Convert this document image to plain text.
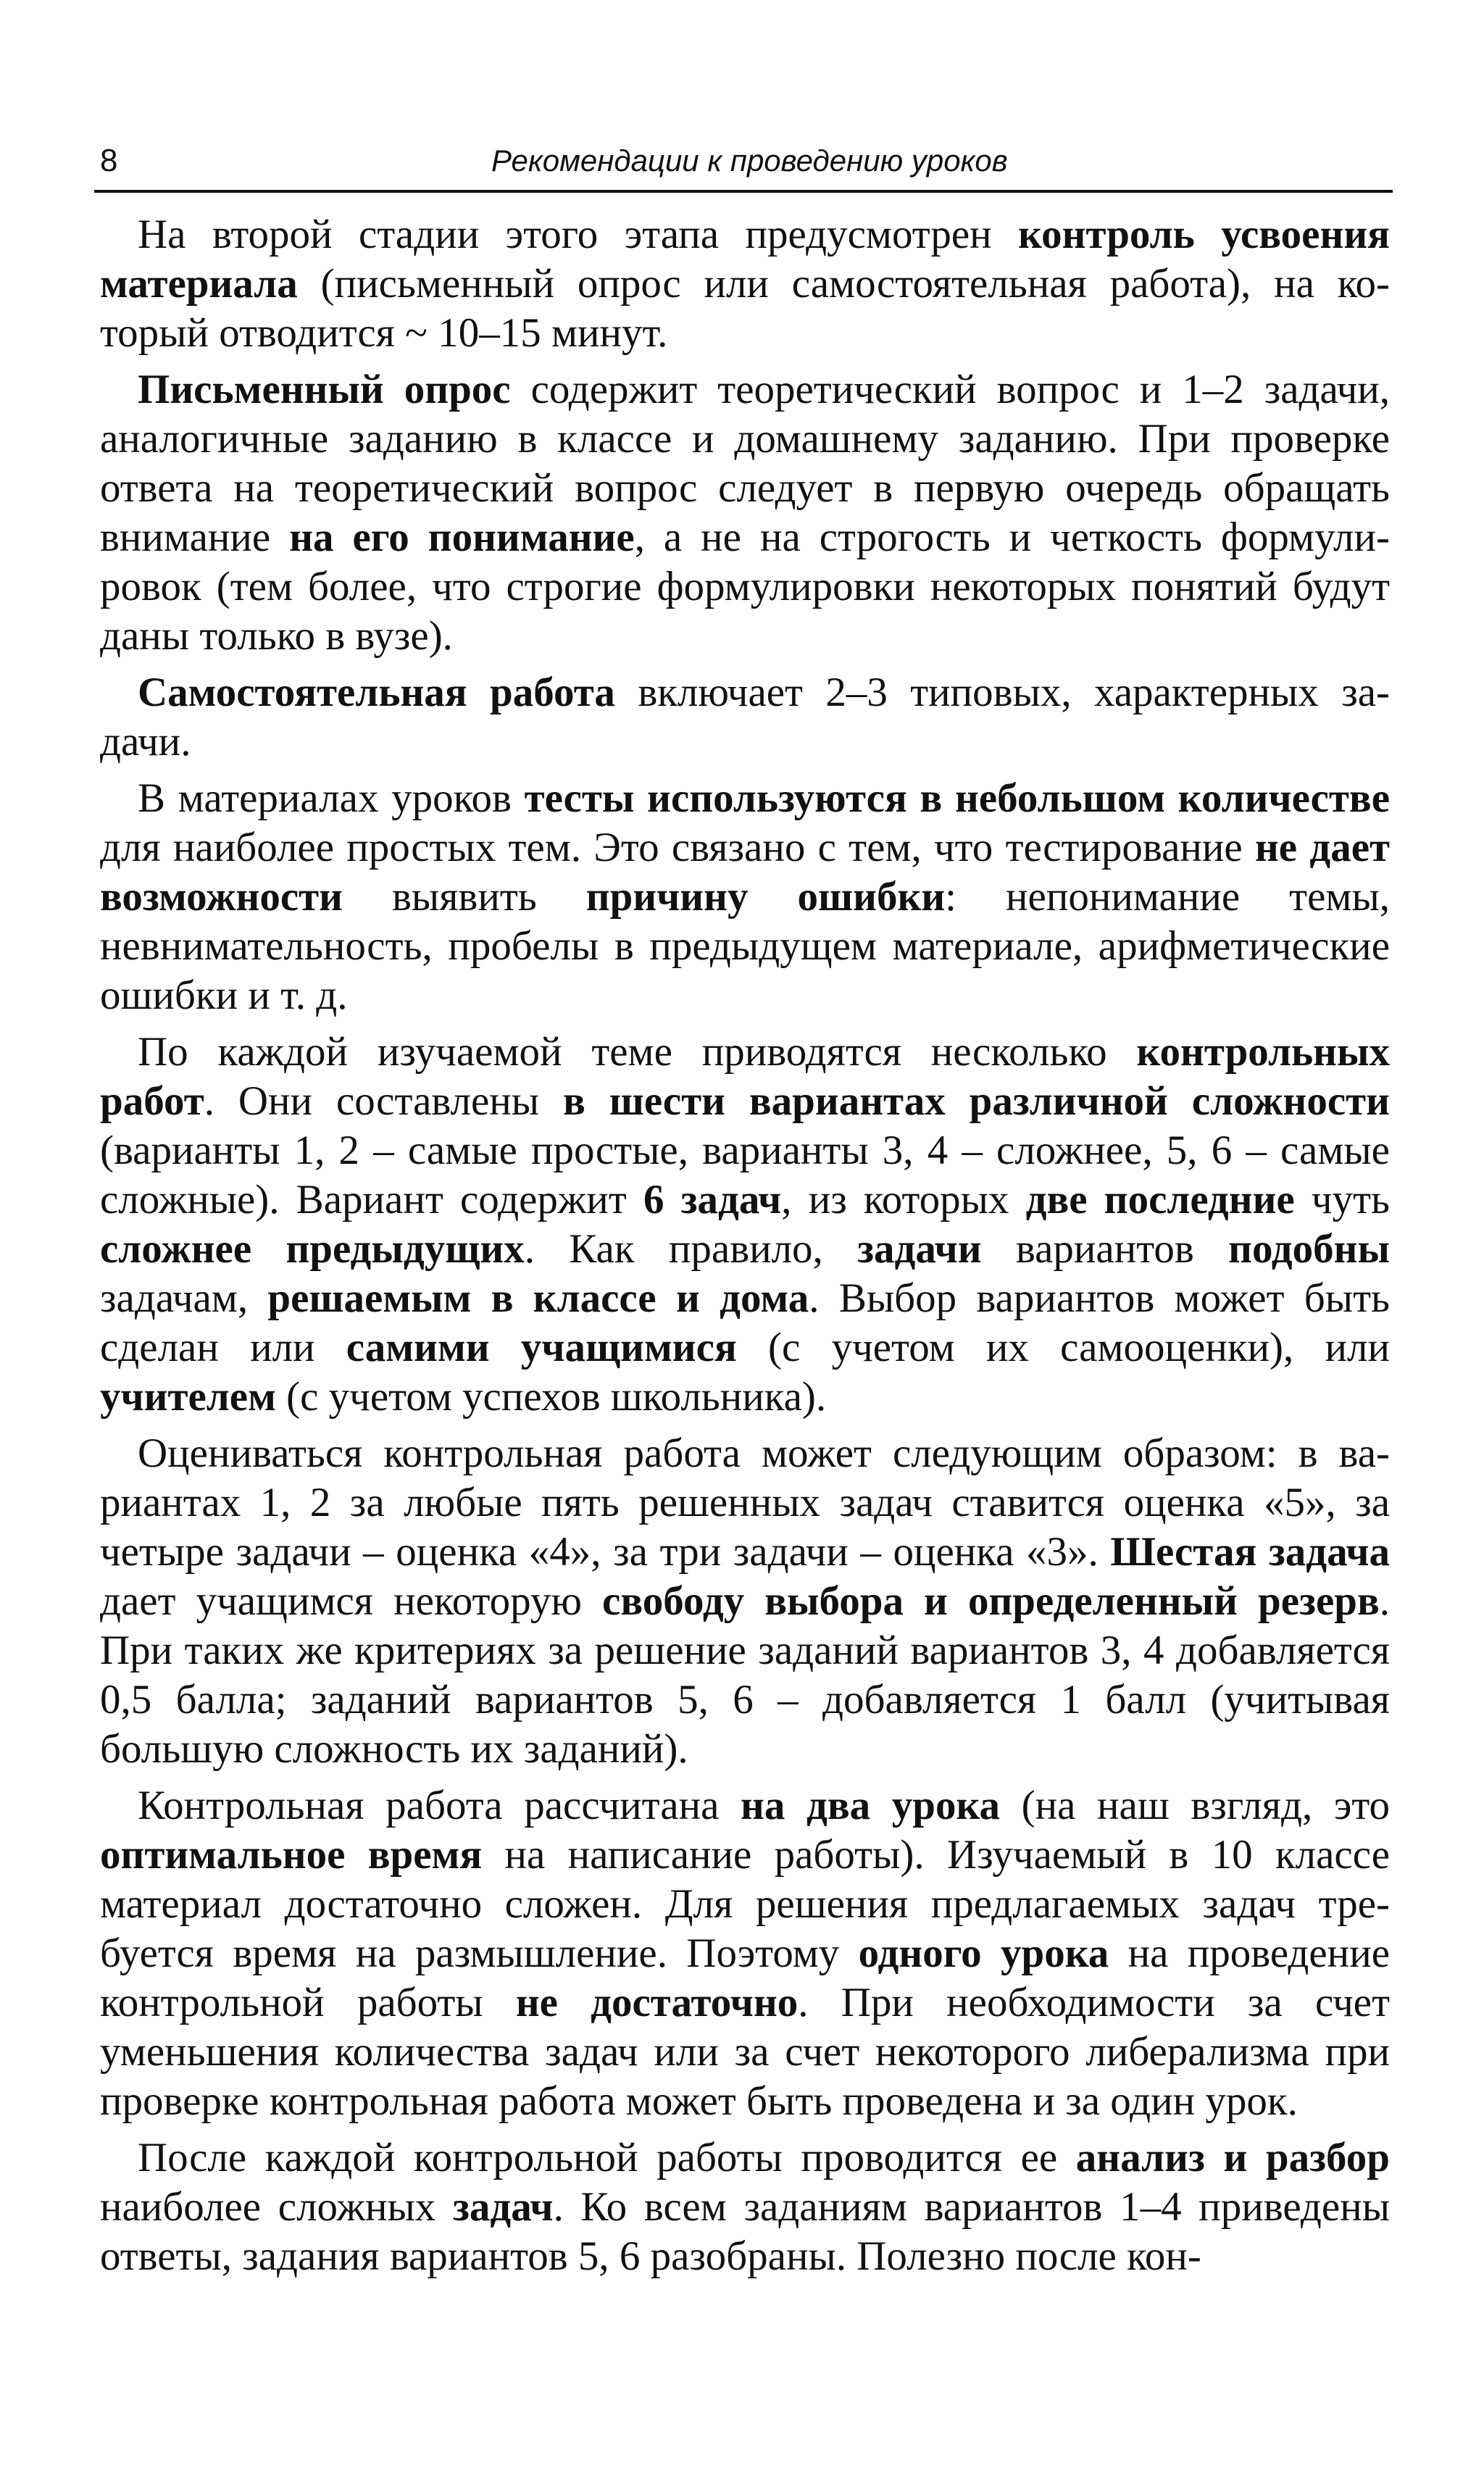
8	Рекомендации к проведению уроков

На второй стадии этого этапа предусмотрен контроль усвоения материала (письменный опрос или самостоятельная работа), на который отводится ~ 10–15 минут.

Письменный опрос содержит теоретический вопрос и 1–2 задачи, аналогичные заданию в классе и домашнему заданию. При проверке ответа на теоретический вопрос следует в первую очередь обращать внимание на его понимание, а не на строгость и четкость формулировок (тем более, что строгие формулировки некоторых понятий будут даны только в вузе).

Самостоятельная работа включает 2–3 типовых, характерных задачи.

В материалах уроков тесты используются в небольшом количестве для наиболее простых тем. Это связано с тем, что тестирование не дает возможности выявить причину ошибки: непонимание темы, невнимательность, пробелы в предыдущем материале, арифметические ошибки и т. д.

По каждой изучаемой теме приводятся несколько контрольных работ. Они составлены в шести вариантах различной сложности (варианты 1, 2 – самые простые, варианты 3, 4 – сложнее, 5, 6 – самые сложные). Вариант содержит 6 задач, из которых две последние чуть сложнее предыдущих. Как правило, задачи вариантов подобны задачам, решаемым в классе и дома. Выбор вариантов может быть сделан или самими учащимися (с учетом их самооценки), или учителем (с учетом успехов школьника).

Оцениваться контрольная работа может следующим образом: в вариантах 1, 2 за любые пять решенных задач ставится оценка «5», за четыре задачи – оценка «4», за три задачи – оценка «3». Шестая задача дает учащимся некоторую свободу выбора и определенный резерв. При таких же критериях за решение заданий вариантов 3, 4 добавляется 0,5 балла; заданий вариантов 5, 6 – добавляется 1 балл (учитывая большую сложность их заданий).

Контрольная работа рассчитана на два урока (на наш взгляд, это оптимальное время на написание работы). Изучаемый в 10 классе материал достаточно сложен. Для решения предлагаемых задач требуется время на размышление. Поэтому одного урока на проведение контрольной работы не достаточно. При необходимости за счет уменьшения количества задач или за счет некоторого либерализма при проверке контрольная работа может быть проведена и за один урок.

После каждой контрольной работы проводится ее анализ и разбор наиболее сложных задач. Ко всем заданиям вариантов 1–4 приведены ответы, задания вариантов 5, 6 разобраны. Полезно после кон-
